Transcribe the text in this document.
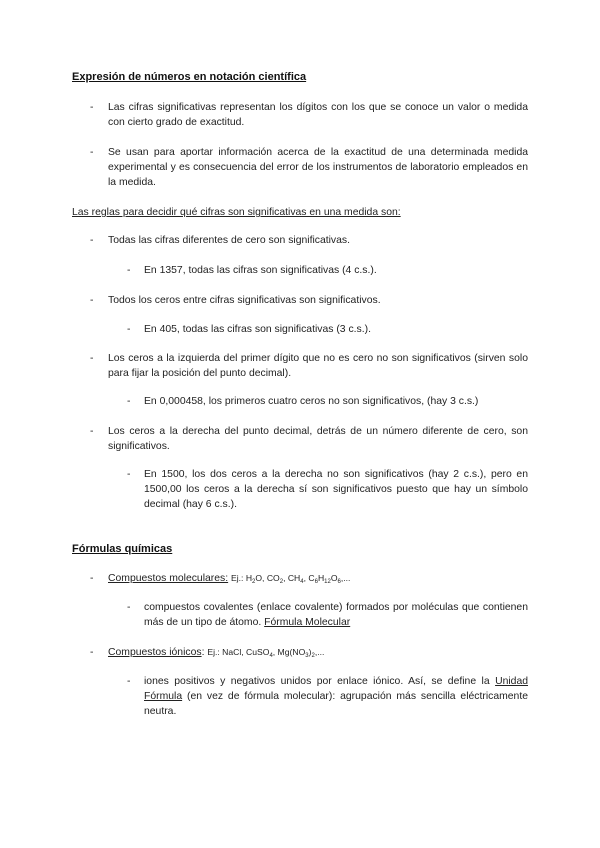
Expresión de números en notación científica
- Las cifras significativas representan los dígitos con los que se conoce un valor o medida con cierto grado de exactitud.
- Se usan para aportar información acerca de la exactitud de una determinada medida experimental y es consecuencia del error de los instrumentos de laboratorio empleados en la medida.
Las reglas para decidir qué cifras son significativas en una medida son:
- Todas las cifras diferentes de cero son significativas.
- En 1357, todas las cifras son significativas (4 c.s.).
- Todos los ceros entre cifras significativas son significativos.
- En 405, todas las cifras son significativas (3 c.s.).
- Los ceros a la izquierda del primer dígito que no es cero no son significativos (sirven solo para fijar la posición del punto decimal).
- En 0,000458, los primeros cuatro ceros no son significativos, (hay 3 c.s.)
- Los ceros a la derecha del punto decimal, detrás de un número diferente de cero, son significativos.
- En 1500, los dos ceros a la derecha no son significativos (hay 2 c.s.), pero en 1500,00 los ceros a la derecha sí son significativos puesto que hay un símbolo decimal (hay 6 c.s.).
Fórmulas químicas
- Compuestos moleculares: Ej.: $H_2O$, $CO_2$, $CH_4$, $C_6H_{12}O_6$,...
- compuestos covalentes (enlace covalente) formados por moléculas que contienen más de un tipo de átomo. Fórmula Molecular
- Compuestos iónicos: Ej.: NaCl, CuSO$_4$, $Mg(NO_3)_2$,...
- iones positivos y negativos unidos por enlace iónico. Así, se define la Unidad Fórmula (en vez de fórmula molecular): agrupación más sencilla eléctricamente neutra.
